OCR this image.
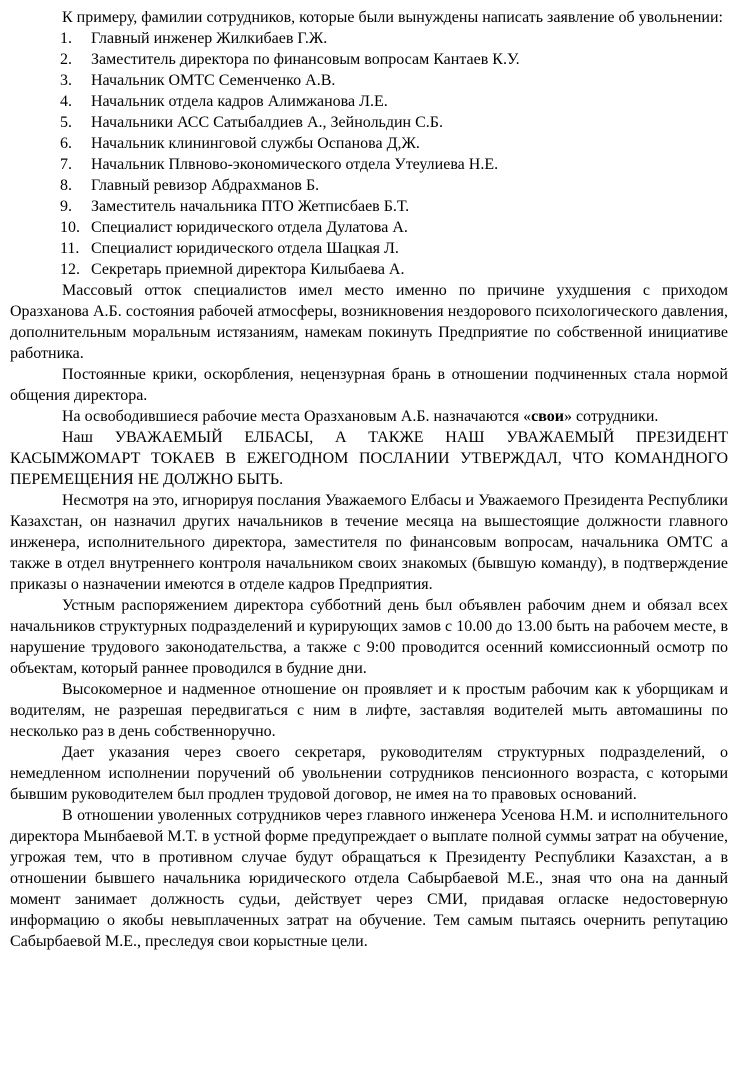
К примеру, фамилии сотрудников, которые были вынуждены написать заявление об увольнении:

1.	Главный инженер Жилкибаев Г.Ж.
2.	Заместитель директора по финансовым вопросам Кантаев К.У.
3.	Начальник ОМТС Семенченко А.В.
4.	Начальник отдела кадров Алимжанова Л.Е.
5.	Начальники АСС Сатыбалдиев А., Зейнольдин С.Б.
6.	Начальник клининговой службы Оспанова Д,Ж.
7.	Начальник Плвново-экономического отдела Утеулиева Н.Е.
8.	Главный ревизор Абдрахманов Б.
9.	Заместитель начальника ПТО Жетписбаев Б.Т.
10. Специалист юридического отдела Дулатова А.
11. Специалист юридического отдела Шацкая Л.
12. Секретарь приемной директора Килыбаева А.

Массовый отток специалистов имел место именно по причине ухудшения с приходом Оразханова А.Б. состояния рабочей атмосферы, возникновения нездорового психологического давления, дополнительным моральным истязаниям, намекам покинуть Предприятие по собственной инициативе работника.

Постоянные крики, оскорбления, нецензурная брань в отношении подчиненных стала нормой общения директора.

На освободившиеся рабочие места Оразхановым А.Б. назначаются «свои» сотрудники.

Наш УВАЖАЕМЫЙ ЕЛБАСЫ, А ТАКЖЕ НАШ УВАЖАЕМЫЙ ПРЕЗИДЕНТ КАСЫМЖОМАРТ ТОКАЕВ В ЕЖЕГОДНОМ ПОСЛАНИИ УТВЕРЖДАЛ, ЧТО КОМАНДНОГО ПЕРЕМЕЩЕНИЯ НЕ ДОЛЖНО БЫТЬ.

Несмотря на это, игнорируя послания Уважаемого Елбасы и Уважаемого Президента Республики Казахстан, он назначил других начальников в течение месяца на вышестоящие должности главного инженера, исполнительного директора, заместителя по финансовым вопросам, начальника ОМТС а также в отдел внутреннего контроля начальником своих знакомых (бывшую команду), в подтверждение приказы о назначении имеются в отделе кадров Предприятия.

Устным распоряжением директора субботний день был объявлен рабочим днем и обязал всех начальников структурных подразделений и курирующих замов с 10.00 до 13.00 быть на рабочем месте, в нарушение трудового законодательства, а также с 9:00 проводится осенний комиссионный осмотр по объектам, который раннее проводился в будние дни.

Высокомерное и надменное отношение он проявляет и к простым рабочим как к уборщикам и водителям, не разрешая передвигаться с ним в лифте, заставляя водителей мыть автомашины по несколько раз в день собственноручно.

Дает указания через своего секретаря, руководителям структурных подразделений, о немедленном исполнении поручений об увольнении сотрудников пенсионного возраста, с которыми бывшим руководителем был продлен трудовой договор, не имея на то правовых оснований.

В отношении уволенных сотрудников через главного инженера Усенова Н.М. и исполнительного директора Мынбаевой М.Т. в устной форме предупреждает о выплате полной суммы затрат на обучение, угрожая тем, что в противном случае будут обращаться к Президенту Республики Казахстан, а в отношении бывшего начальника юридического отдела Сабырбаевой М.Е., зная что она на данный момент занимает должность судьи, действует через СМИ, придавая огласке недостоверную информацию о якобы невыплаченных затрат на обучение. Тем самым пытаясь очернить репутацию Сабырбаевой М.Е., преследуя свои корыстные цели.
